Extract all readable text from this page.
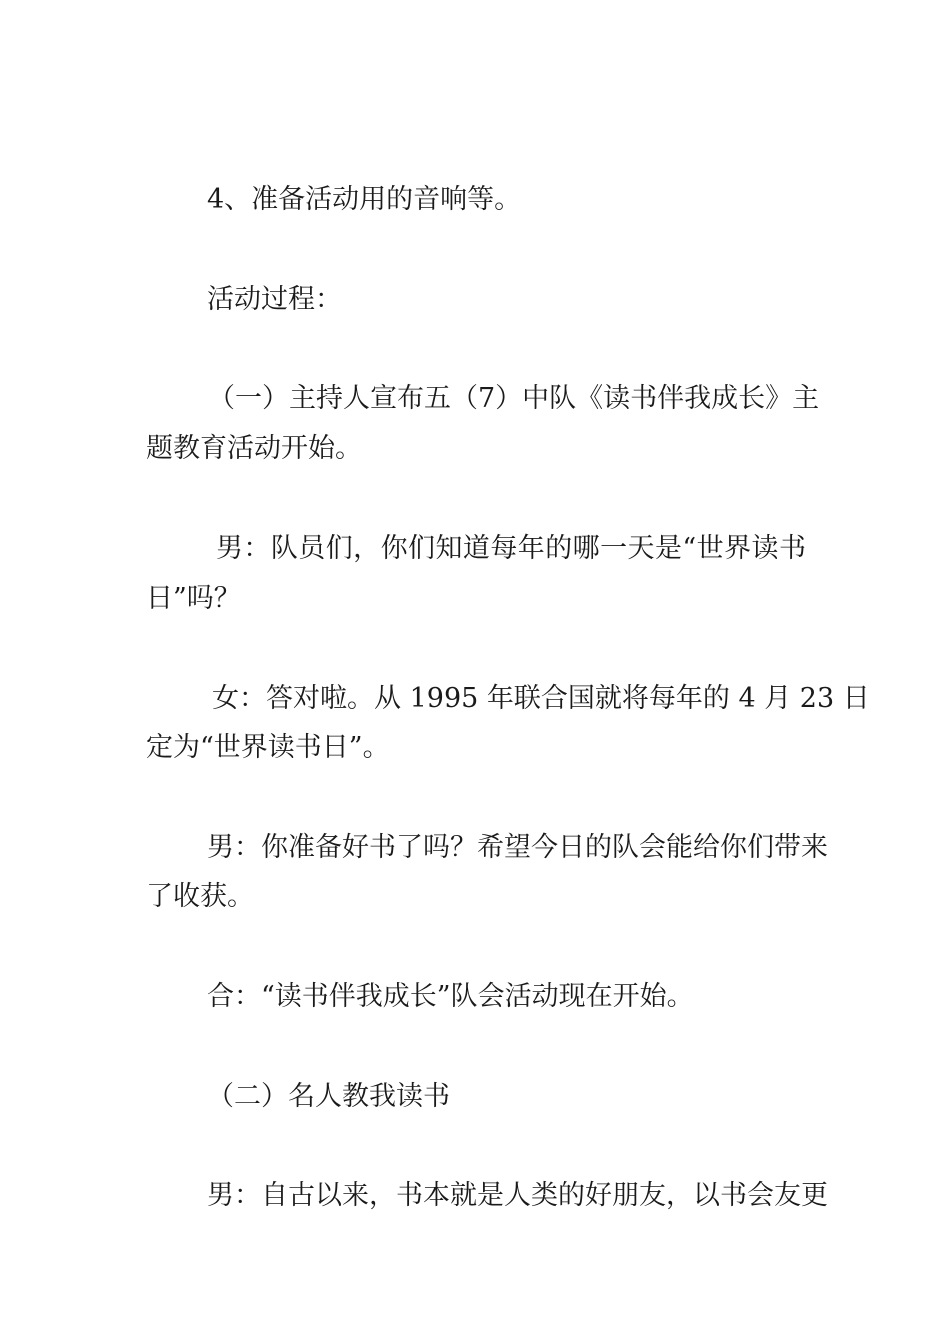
4、准备活动用的音响等。
活动过程：
（一）主持人宣布五（7）中队《读书伴我成长》主
题教育活动开始。
男：队员们，你们知道每年的哪一天是“世界读书
日”吗？
女：答对啦。从 1995 年联合国就将每年的 4 月 23 日
定为“世界读书日”。
男：你准备好书了吗？希望今日的队会能给你们带来
了收获。
合：“读书伴我成长”队会活动现在开始。
（二）名人教我读书
男：自古以来，书本就是人类的好朋友，以书会友更
